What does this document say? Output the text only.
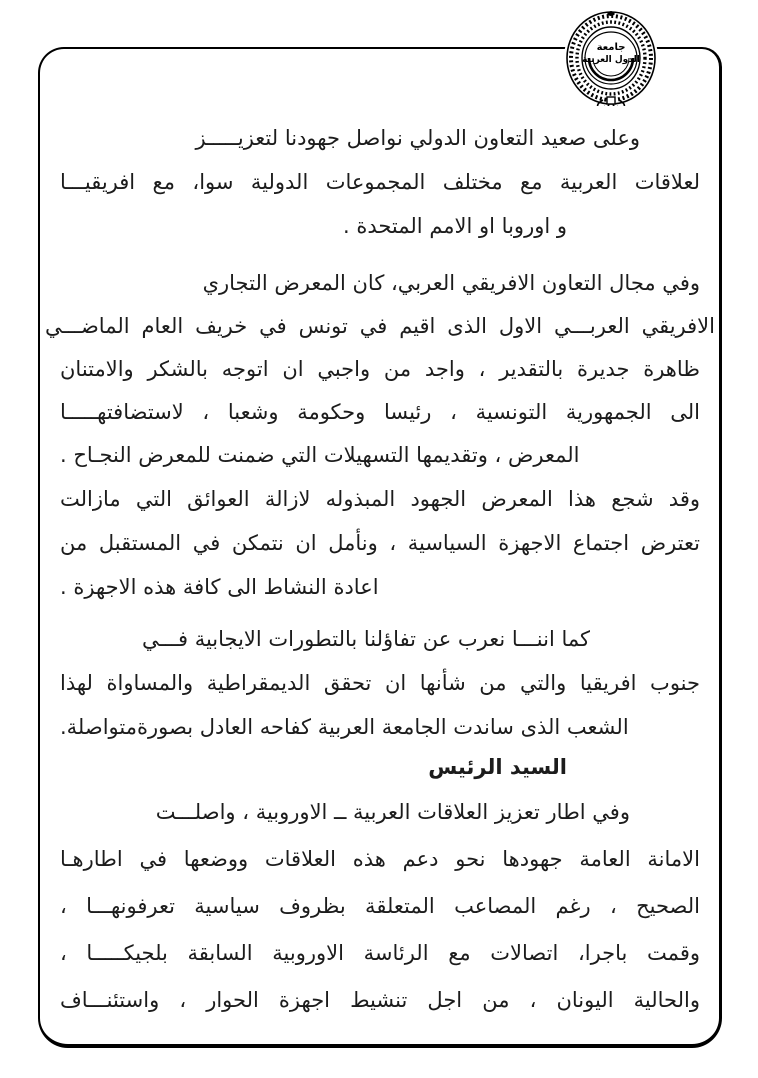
جامعة
الدول العربية
وعلى صعيد التعاون الدولي نواصل جهودنا لتعزيـــــز
لعلاقات العربية مع مختلف المجموعات الدولية سوا، مع افريقيـــا
و اوروبا او الامم المتحدة .
وفي مجال التعاون الافريقي العربي، كان المعرض التجاري
الافريقي العربـــي الاول الذى اقيم في تونس في خريف العام الماضـــي
ظاهرة جديرة بالتقدير ، واجد من واجبي ان اتوجه بالشكر والامتنان
الى الجمهورية التونسية ، رئيسا وحكومة وشعبا ، لاستضافتهـــــا
المعرض ، وتقديمها التسهيلات التي ضمنت للمعرض النجـاح .
وقد شجع هذا المعرض الجهود المبذوله لازالة العوائق التي مازالت
تعترض اجتماع الاجهزة السياسية ، ونأمل ان نتمكن في المستقبل من
اعادة النشاط الى كافة هذه الاجهزة .
كما اننـــا نعرب عن تفاؤلنا بالتطورات الايجابية فـــي
جنوب افريقيا والتي من شأنها ان تحقق الديمقراطية والمساواة لهذا
الشعب الذى ساندت الجامعة العربية كفاحه العادل بصورةمتواصلة.
السيد الرئيس
وفي اطار تعزيز العلاقات العربية ــ الاوروبية ، واصلـــت
الامانة العامة جهودها نحو دعم هذه العلاقات ووضعها في اطارهـا
الصحيح ، رغم المصاعب المتعلقة بظروف سياسية تعرفونهـــا ،
وقمت باجرا، اتصالات مع الرئاسة الاوروبية السابقة بلجيكـــــا ،
والحالية اليونان ، من اجل تنشيط اجهزة الحوار ، واستئنـــاف
